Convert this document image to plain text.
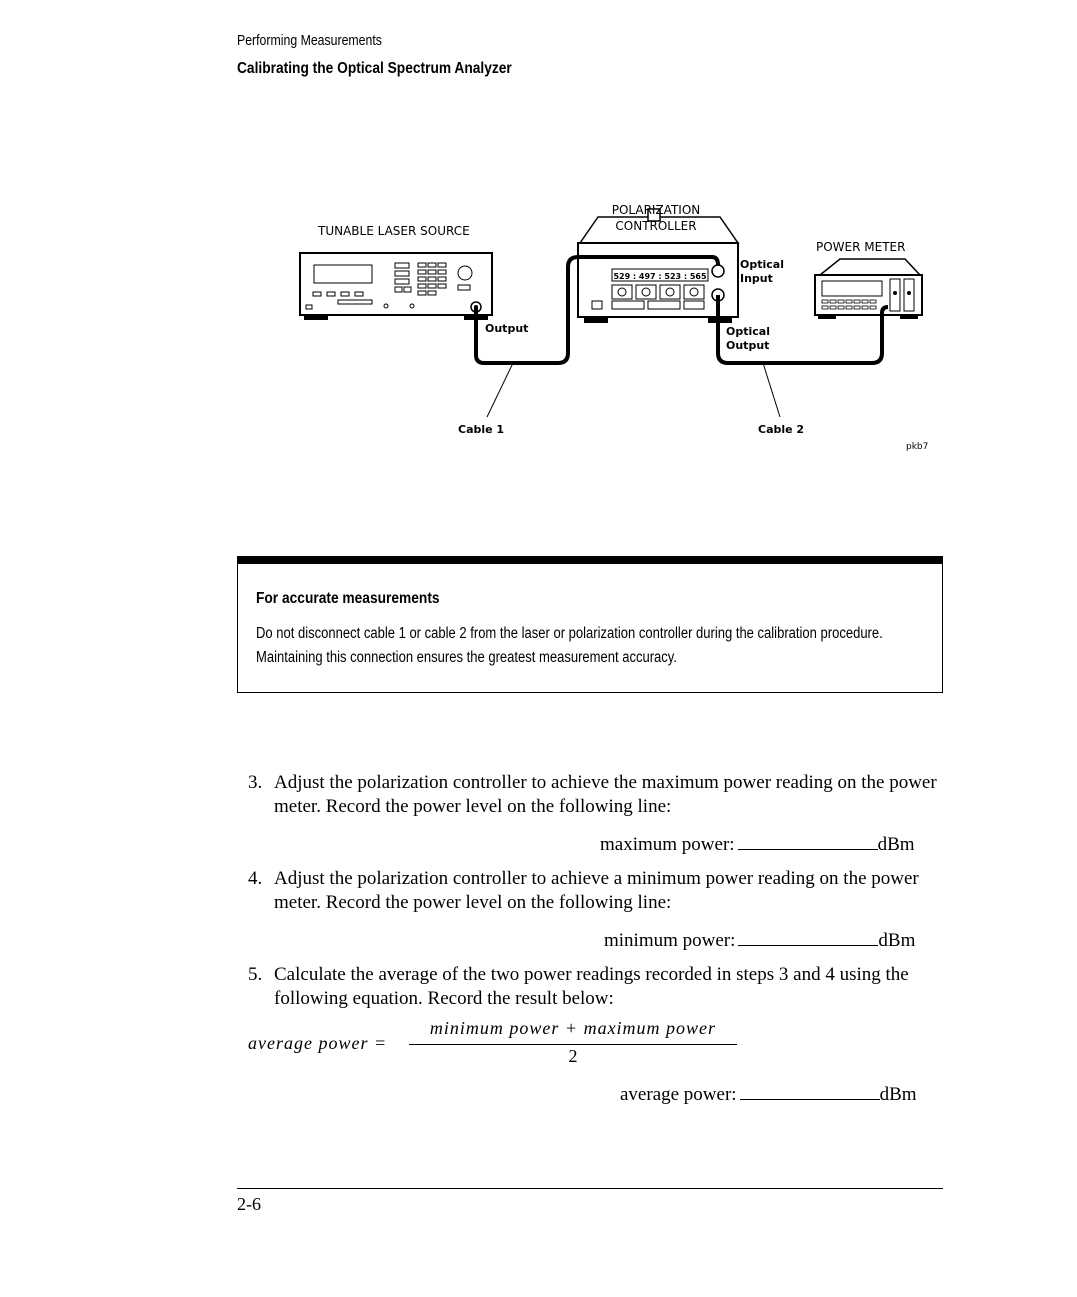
Performing Measurements
Calibrating the Optical Spectrum Analyzer
529 : 497 : 523 : 565
TUNABLE LASER SOURCE
POLARIZATION
CONTROLLER
POWER METER
Optical
Input
Output	Optical
Output
Cable 1	Cable 2
pkb7
For accurate measurements
Do not disconnect cable 1 or cable 2 from the laser or polarization controller during the calibration procedure. Maintaining this connection ensures the greatest measurement accuracy.
3. Adjust the polarization controller to achieve the maximum power reading on the power meter. Record the power level on the following line:
maximum power:	dBm
4. Adjust the polarization controller to achieve a minimum power reading on the power meter. Record the power level on the following line:
minimum power:	dBm
5. Calculate the average of the two power readings recorded in steps 3 and 4 using the following equation. Record the result below:
average power =
minimum power + maximum power
2
average power:	dBm
2-6
